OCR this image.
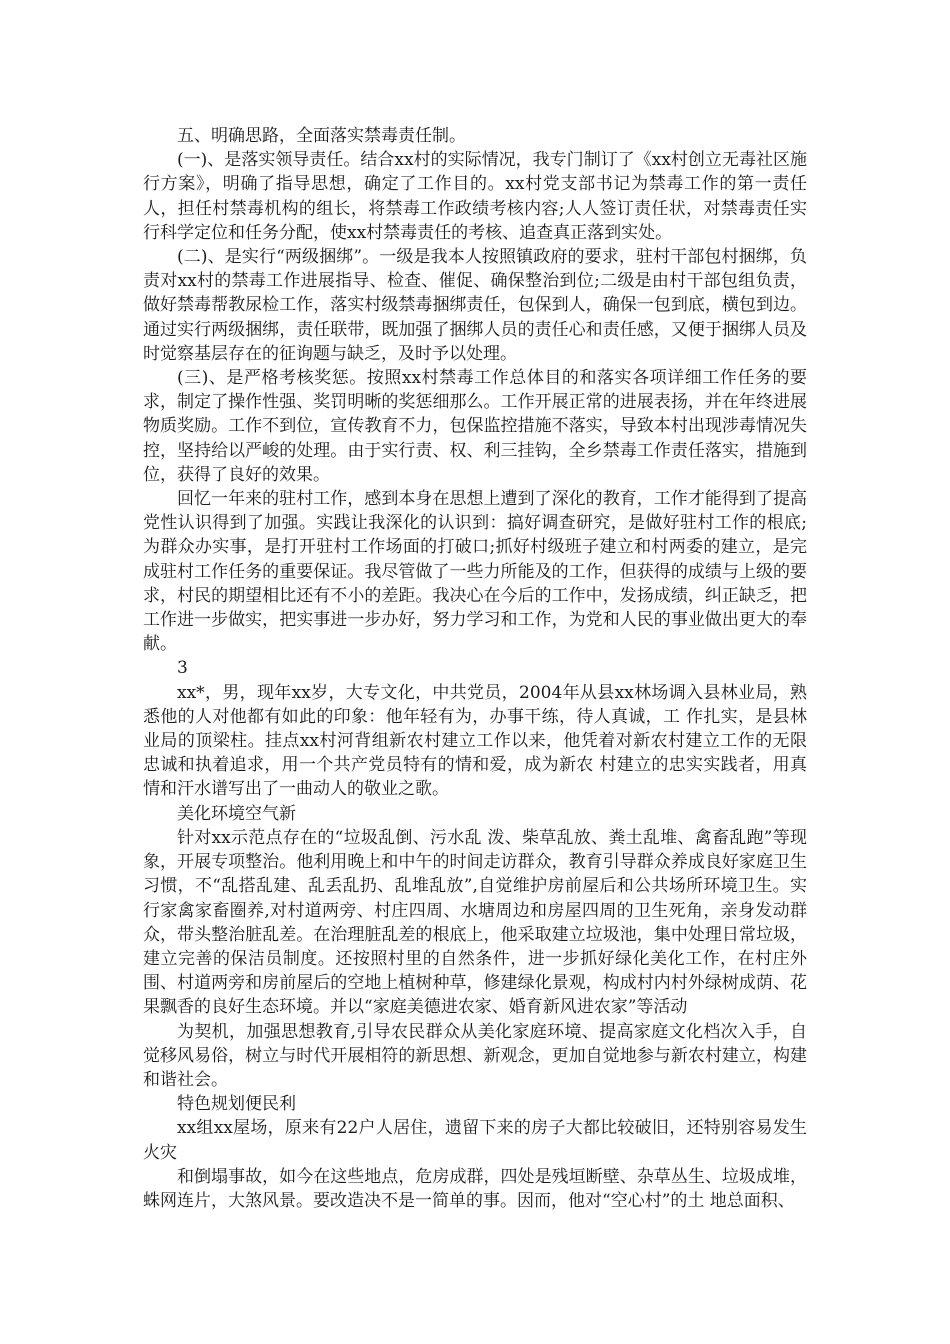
五、明确思路，全面落实禁毒责任制。

(一)、是落实领导责任。结合xx村的实际情况，我专门制订了《xx村创立无毒社区施行方案》，明确了指导思想，确定了工作目的。xx村党支部书记为禁毒工作的第一责任人，担任村禁毒机构的组长，将禁毒工作政绩考核内容;人人签订责任状，对禁毒责任实行科学定位和任务分配，使xx村禁毒责任的考核、追查真正落到实处。

(二)、是实行“两级捆绑”。一级是我本人按照镇政府的要求，驻村干部包村捆绑，负责对xx村的禁毒工作进展指导、检查、催促、确保整治到位;二级是由村干部包组负责，做好禁毒帮教尿检工作，落实村级禁毒捆绑责任，包保到人，确保一包到底，横包到边。通过实行两级捆绑，责任联带，既加强了捆绑人员的责任心和责任感，又便于捆绑人员及时觉察基层存在的征询题与缺乏，及时予以处理。

(三)、是严格考核奖惩。按照xx村禁毒工作总体目的和落实各项详细工作任务的要求，制定了操作性强、奖罚明晰的奖惩细那么。工作开展正常的进展表扬，并在年终进展物质奖励。工作不到位，宣传教育不力，包保监控措施不落实，导致本村出现涉毒情况失控，坚持给以严峻的处理。由于实行责、权、利三挂钩，全乡禁毒工作责任落实，措施到位，获得了良好的效果。

回忆一年来的驻村工作，感到本身在思想上遭到了深化的教育，工作才能得到了提高党性认识得到了加强。实践让我深化的认识到：搞好调查研究，是做好驻村工作的根底;为群众办实事，是打开驻村工作场面的打破口;抓好村级班子建立和村两委的建立，是完成驻村工作任务的重要保证。我尽管做了一些力所能及的工作，但获得的成绩与上级的要求，村民的期望相比还有不小的差距。我决心在今后的工作中，发扬成绩，纠正缺乏，把工作进一步做实，把实事进一步办好，努力学习和工作，为党和人民的事业做出更大的奉献。

3

xx*，男，现年xx岁，大专文化，中共党员，2004年从县xx林场调入县林业局，熟悉他的人对他都有如此的印象：他年轻有为，办事干练，待人真诚，工 作扎实，是县林业局的顶梁柱。挂点xx村河背组新农村建立工作以来，他凭着对新农村建立工作的无限忠诚和执着追求，用一个共产党员特有的情和爱，成为新农 村建立的忠实实践者，用真情和汗水谱写出了一曲动人的敬业之歌。

美化环境空气新

针对xx示范点存在的“垃圾乱倒、污水乱 泼、柴草乱放、粪土乱堆、禽畜乱跑”等现象，开展专项整治。他利用晚上和中午的时间走访群众，教育引导群众养成良好家庭卫生习惯，不“乱搭乱建、乱丢乱扔、乱堆乱放”,自觉维护房前屋后和公共场所环境卫生。实行家禽家畜圈养,对村道两旁、村庄四周、水塘周边和房屋四周的卫生死角，亲身发动群众，带头整治脏乱差。在治理脏乱差的根底上，他采取建立垃圾池，集中处理日常垃圾，建立完善的保洁员制度。还按照村里的自然条件，进一步抓好绿化美化工作，在村庄外 围、村道两旁和房前屋后的空地上植树种草，修建绿化景观，构成村内村外绿树成荫、花果飘香的良好生态环境。并以“家庭美德进农家、婚育新风进农家”等活动

为契机，加强思想教育,引导农民群众从美化家庭环境、提高家庭文化档次入手，自觉移风易俗，树立与时代开展相符的新思想、新观念，更加自觉地参与新农村建立，构建和谐社会。

特色规划便民利

xx组xx屋场，原来有22户人居住，遗留下来的房子大都比较破旧，还特别容易发生火灾

和倒塌事故，如今在这些地点，危房成群，四处是残垣断壁、杂草丛生、垃圾成堆，蛛网连片，大煞风景。要改造决不是一简单的事。因而，他对“空心村”的土 地总面积、
